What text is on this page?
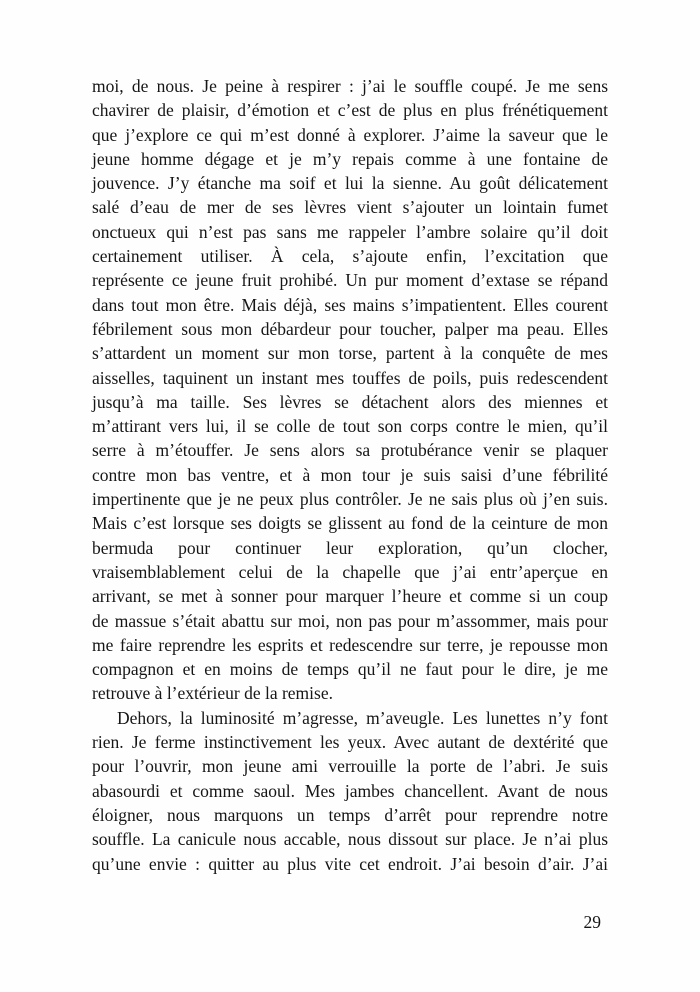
moi, de nous. Je peine à respirer : j’ai le souffle coupé. Je me sens
chavirer de plaisir, d’émotion et c’est de plus en plus frénétiquement
que j’explore ce qui m’est donné à explorer. J’aime la saveur que le
jeune homme dégage et je m’y repais comme à une fontaine de
jouvence. J’y étanche ma soif et lui la sienne. Au goût délicatement
salé d’eau de mer de ses lèvres vient s’ajouter un lointain fumet
onctueux qui n’est pas sans me rappeler l’ambre solaire qu’il doit
certainement utiliser. À cela, s’ajoute enfin, l’excitation que
représente ce jeune fruit prohibé. Un pur moment d’extase se répand
dans tout mon être. Mais déjà, ses mains s’impatientent. Elles courent
fébrilement sous mon débardeur pour toucher, palper ma peau. Elles
s’attardent un moment sur mon torse, partent à la conquête de mes
aisselles, taquinent un instant mes touffes de poils, puis redescendent
jusqu’à ma taille. Ses lèvres se détachent alors des miennes et
m’attirant vers lui, il se colle de tout son corps contre le mien, qu’il
serre à m’étouffer. Je sens alors sa protubérance venir se plaquer
contre mon bas ventre, et à mon tour je suis saisi d’une fébrilité
impertinente que je ne peux plus contrôler. Je ne sais plus où j’en suis.
Mais c’est lorsque ses doigts se glissent au fond de la ceinture de mon
bermuda pour continuer leur exploration, qu’un clocher,
vraisemblablement celui de la chapelle que j’ai entr’aperçue en
arrivant, se met à sonner pour marquer l’heure et comme si un coup
de massue s’était abattu sur moi, non pas pour m’assommer, mais pour
me faire reprendre les esprits et redescendre sur terre, je repousse mon
compagnon et en moins de temps qu’il ne faut pour le dire, je me
retrouve à l’extérieur de la remise.
Dehors, la luminosité m’agresse, m’aveugle. Les lunettes n’y font
rien. Je ferme instinctivement les yeux. Avec autant de dextérité que
pour l’ouvrir, mon jeune ami verrouille la porte de l’abri. Je suis
abasourdi et comme saoul. Mes jambes chancellent. Avant de nous
éloigner, nous marquons un temps d’arrêt pour reprendre notre
souffle. La canicule nous accable, nous dissout sur place. Je n’ai plus
qu’une envie : quitter au plus vite cet endroit. J’ai besoin d’air. J’ai
29
